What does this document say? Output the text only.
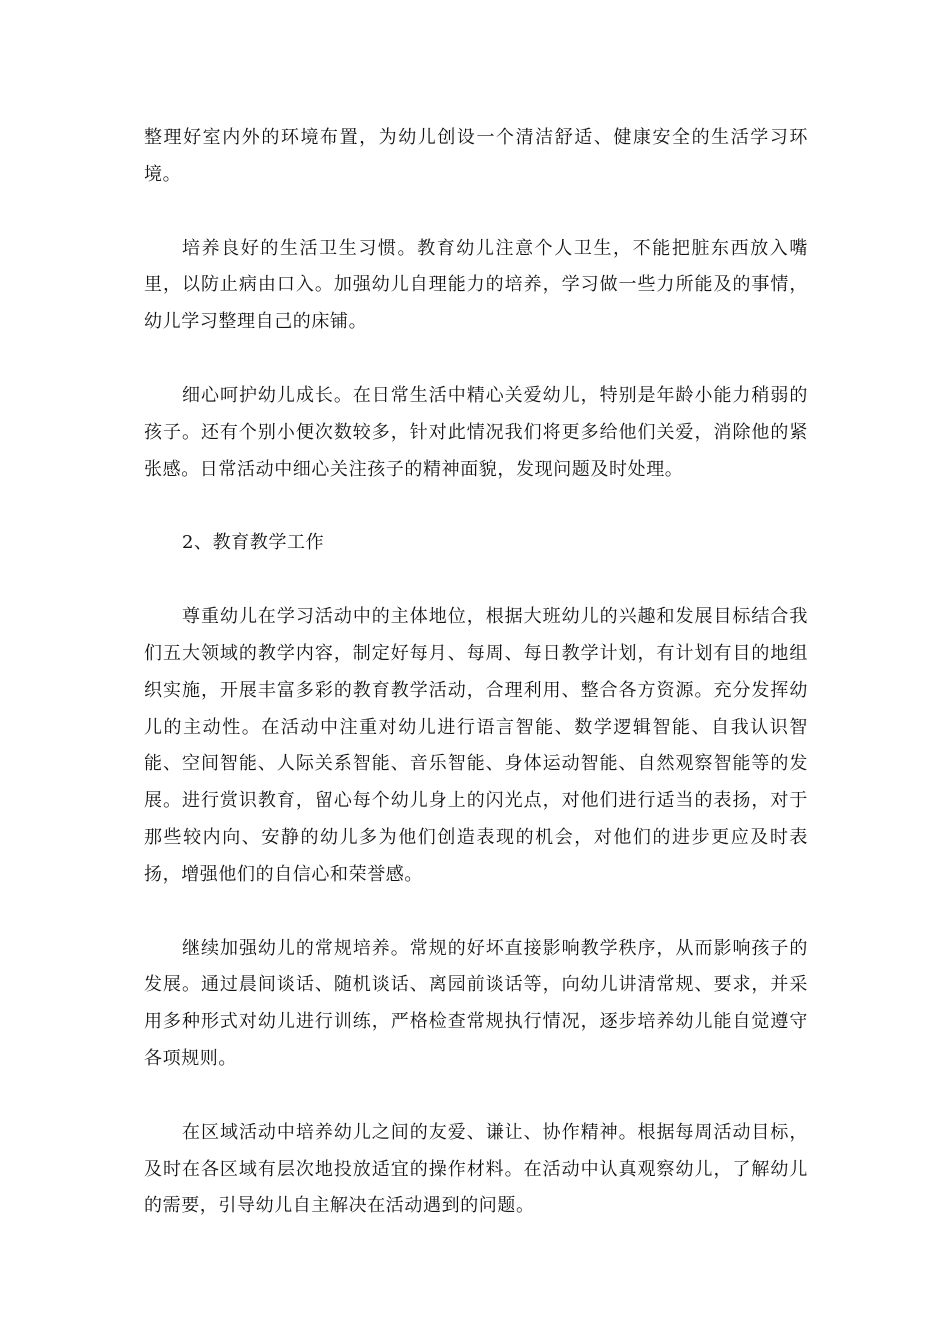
整理好室内外的环境布置，为幼儿创设一个清洁舒适、健康安全的生活学习环境。

培养良好的生活卫生习惯。教育幼儿注意个人卫生，不能把脏东西放入嘴里，以防止病由口入。加强幼儿自理能力的培养，学习做一些力所能及的事情，幼儿学习整理自己的床铺。

细心呵护幼儿成长。在日常生活中精心关爱幼儿，特别是年龄小能力稍弱的孩子。还有个别小便次数较多，针对此情况我们将更多给他们关爱，消除他的紧张感。日常活动中细心关注孩子的精神面貌，发现问题及时处理。

2、教育教学工作

尊重幼儿在学习活动中的主体地位，根据大班幼儿的兴趣和发展目标结合我们五大领域的教学内容，制定好每月、每周、每日教学计划，有计划有目的地组织实施，开展丰富多彩的教育教学活动，合理利用、整合各方资源。充分发挥幼儿的主动性。在活动中注重对幼儿进行语言智能、数学逻辑智能、自我认识智能、空间智能、人际关系智能、音乐智能、身体运动智能、自然观察智能等的发展。进行赏识教育，留心每个幼儿身上的闪光点，对他们进行适当的表扬，对于那些较内向、安静的幼儿多为他们创造表现的机会，对他们的进步更应及时表扬，增强他们的自信心和荣誉感。

继续加强幼儿的常规培养。常规的好坏直接影响教学秩序，从而影响孩子的发展。通过晨间谈话、随机谈话、离园前谈话等，向幼儿讲清常规、要求，并采用多种形式对幼儿进行训练，严格检查常规执行情况，逐步培养幼儿能自觉遵守各项规则。

在区域活动中培养幼儿之间的友爱、谦让、协作精神。根据每周活动目标，及时在各区域有层次地投放适宜的操作材料。在活动中认真观察幼儿，了解幼儿的需要，引导幼儿自主解决在活动遇到的问题。
